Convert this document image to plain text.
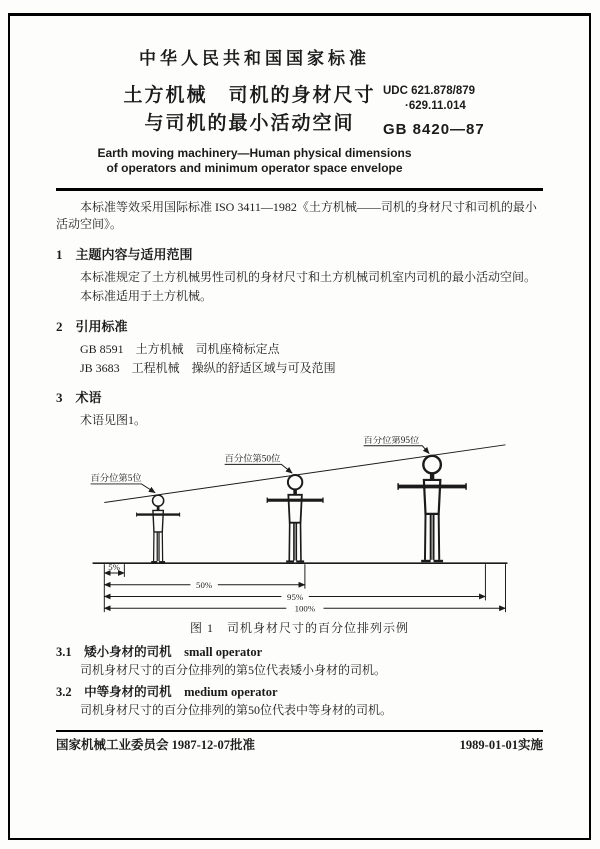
中华人民共和国国家标准
土方机械　司机的身材尺寸
与司机的最小活动空间
UDC 621.878/879
·629.11.014
GB 8420—87
Earth moving machinery—Human physical dimensions
of operators and minimum operator space envelope

本标准等效采用国际标准 ISO 3411—1982《土方机械——司机的身材尺寸和司机的最小活动空间》。

1　主题内容与适用范围

本标准规定了土方机械男性司机的身材尺寸和土方机械司机室内司机的最小活动空间。

本标准适用于土方机械。

2　引用标准

GB 8591　土方机械　司机座椅标定点

JB 3683　工程机械　操纵的舒适区域与可及范围

3　术语

术语见图1。

百分位第5位
百分位第50位
百分位第95位
5%
50%
95%
100%
图 1　司机身材尺寸的百分位排列示例
3.1　矮小身材的司机　small operator

司机身材尺寸的百分位排列的第5位代表矮小身材的司机。

3.2　中等身材的司机　medium operator

司机身材尺寸的百分位排列的第50位代表中等身材的司机。

国家机械工业委员会 1987-12-07批准	1989-01-01实施
